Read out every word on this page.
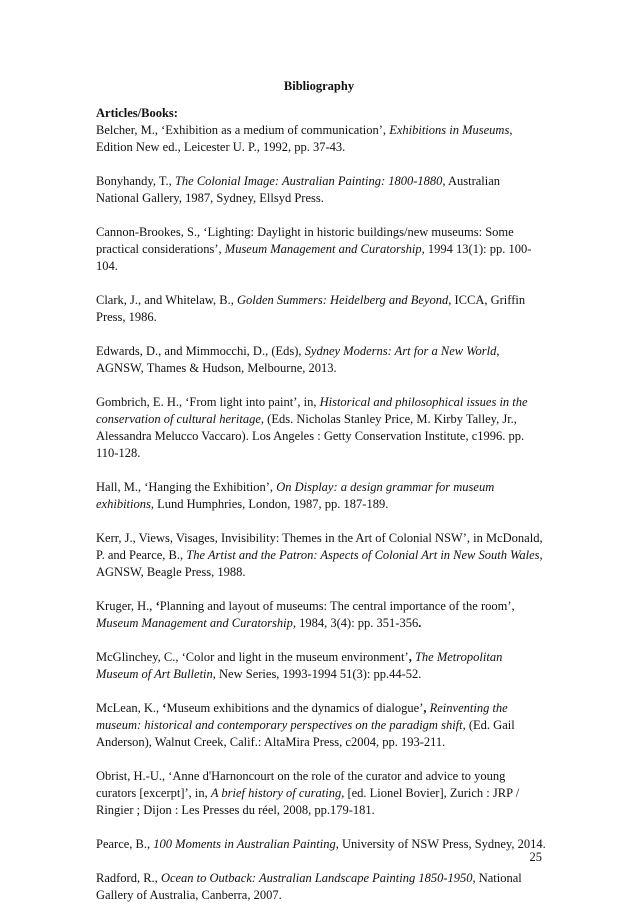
Bibliography
Articles/Books:

Belcher, M., ‘Exhibition as a medium of communication’, Exhibitions in Museums, Edition New ed., Leicester U. P., 1992, pp. 37-43.

Bonyhandy, T., The Colonial Image: Australian Painting: 1800-1880, Australian National Gallery, 1987, Sydney, Ellsyd Press.

Cannon-Brookes, S., ‘Lighting: Daylight in historic buildings/new museums: Some practical considerations’, Museum Management and Curatorship, 1994 13(1): pp. 100-104.

Clark, J., and Whitelaw, B., Golden Summers: Heidelberg and Beyond, ICCA, Griffin Press, 1986.

Edwards, D., and Mimmocchi, D., (Eds), Sydney Moderns: Art for a New World, AGNSW, Thames & Hudson, Melbourne, 2013.

Gombrich, E. H., ‘From light into paint’, in, Historical and philosophical issues in the conservation of cultural heritage, (Eds. Nicholas Stanley Price, M. Kirby Talley, Jr., Alessandra Melucco Vaccaro). Los Angeles : Getty Conservation Institute, c1996. pp. 110-128.

Hall, M., ‘Hanging the Exhibition’, On Display: a design grammar for museum exhibitions, Lund Humphries, London, 1987, pp. 187-189.

Kerr, J., Views, Visages, Invisibility: Themes in the Art of Colonial NSW’, in McDonald, P. and Pearce, B., The Artist and the Patron: Aspects of Colonial Art in New South Wales, AGNSW, Beagle Press, 1988.

Kruger, H., ‘Planning and layout of museums: The central importance of the room’, Museum Management and Curatorship, 1984, 3(4): pp. 351-356.

McGlinchey, C., ‘Color and light in the museum environment’, The Metropolitan Museum of Art Bulletin, New Series, 1993-1994 51(3): pp.44-52.

McLean, K., ‘Museum exhibitions and the dynamics of dialogue’, Reinventing the museum: historical and contemporary perspectives on the paradigm shift, (Ed. Gail Anderson), Walnut Creek, Calif.: AltaMira Press, c2004, pp. 193-211.

Obrist, H.-U., ‘Anne d'Harnoncourt on the role of the curator and advice to young curators [excerpt]’, in, A brief history of curating, [ed. Lionel Bovier], Zurich : JRP / Ringier ; Dijon : Les Presses du réel, 2008, pp.179-181.

Pearce, B., 100 Moments in Australian Painting, University of NSW Press, Sydney, 2014.

Radford, R., Ocean to Outback: Australian Landscape Painting 1850-1950, National Gallery of Australia, Canberra, 2007.

25
